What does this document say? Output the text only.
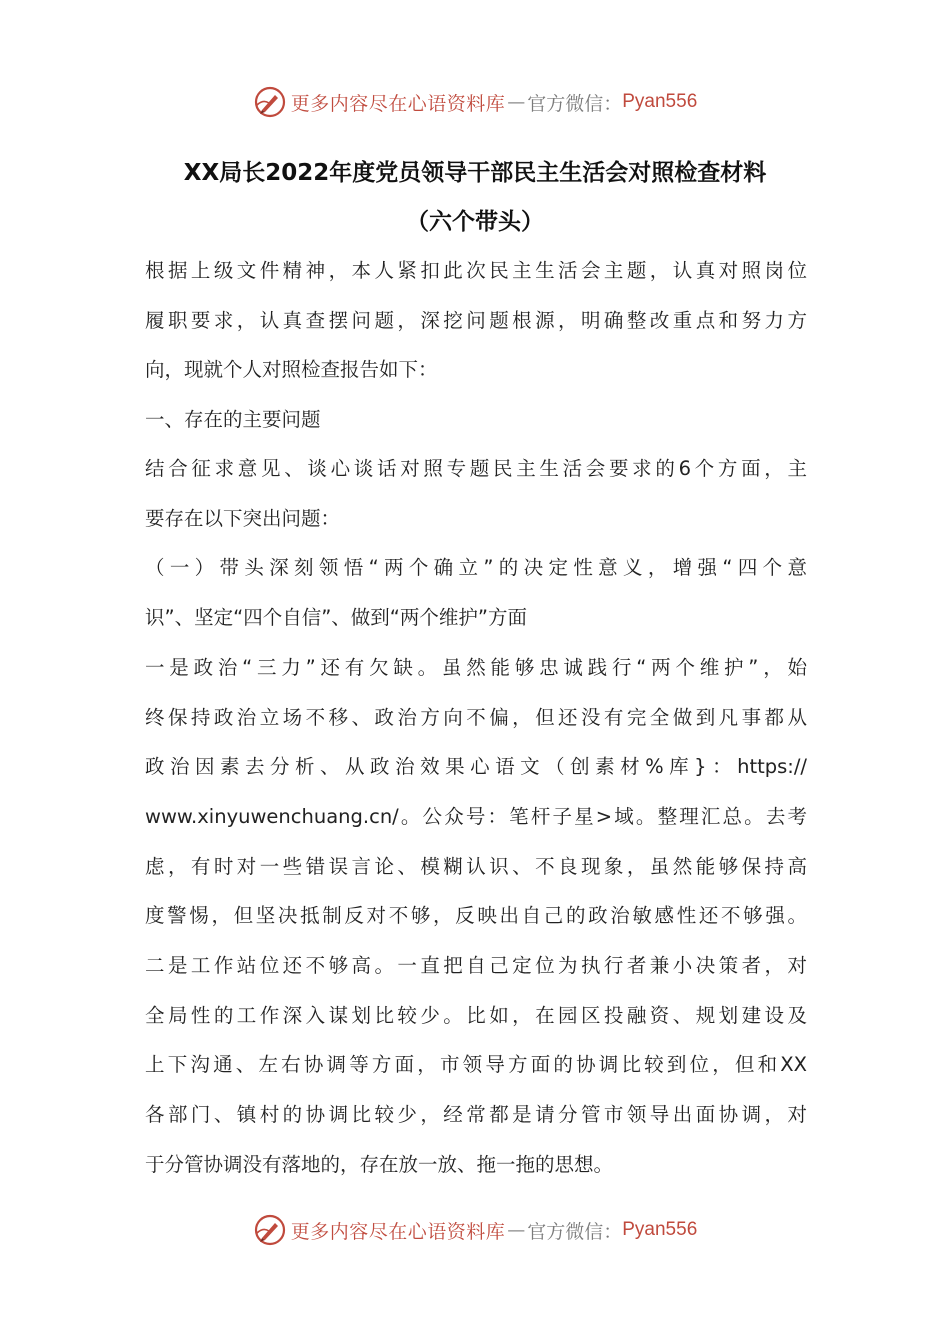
更多内容尽在心语资料库 — 官方微信： Pyan556
XX局长2022年度党员领导干部民主生活会对照检查材料
（六个带头）
根据上级文件精神，本人紧扣此次民主生活会主题，认真对照岗位
履职要求，认真查摆问题，深挖问题根源，明确整改重点和努力方
向，现就个人对照检查报告如下：
一、存在的主要问题
结合征求意见、谈心谈话对照专题民主生活会要求的6个方面，主
要存在以下突出问题：
（一）带头深刻领悟“两个确立”的决定性意义，增强“四个意
识”、坚定“四个自信”、做到“两个维护”方面
一是政治“三力”还有欠缺。虽然能够忠诚践行“两个维护”，始
终保持政治立场不移、政治方向不偏，但还没有完全做到凡事都从
政治因素去分析、从政治效果心语文（创素材%库}：https://
www.xinyuwenchuang.cn/。公众号：笔杆子星>域。整理汇总。去考
虑，有时对一些错误言论、模糊认识、不良现象，虽然能够保持高
度警惕，但坚决抵制反对不够，反映出自己的政治敏感性还不够强。
二是工作站位还不够高。一直把自己定位为执行者兼小决策者，对
全局性的工作深入谋划比较少。比如，在园区投融资、规划建设及
上下沟通、左右协调等方面，市领导方面的协调比较到位，但和XX
各部门、镇村的协调比较少，经常都是请分管市领导出面协调，对
于分管协调没有落地的，存在放一放、拖一拖的思想。
更多内容尽在心语资料库 — 官方微信： Pyan556
